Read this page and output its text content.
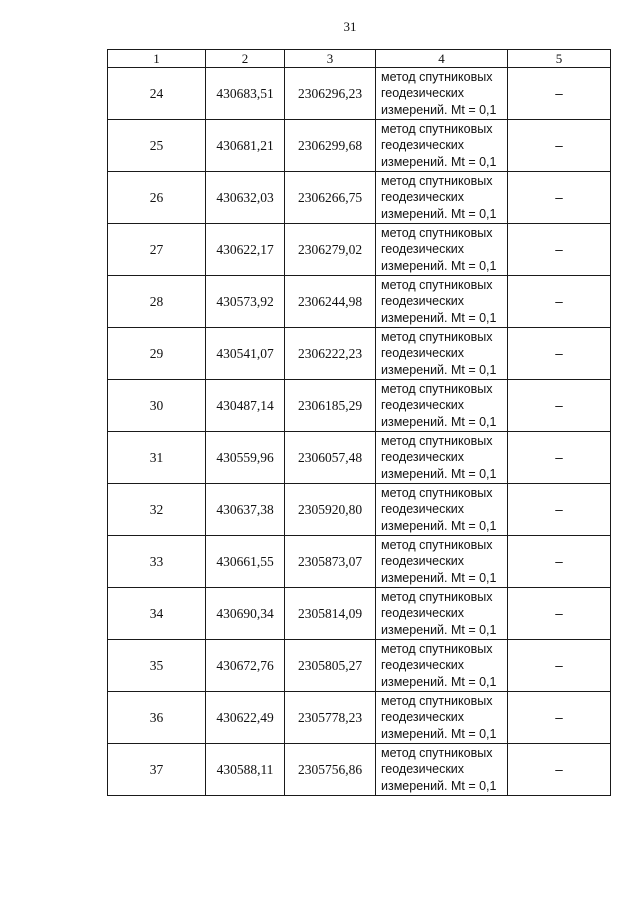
31
1	2	3	4	5
24	430683,51	2306296,23	метод спутниковых
геодезических
измерений. Mt = 0,1	–
25	430681,21	2306299,68	метод спутниковых
геодезических
измерений. Mt = 0,1	–
26	430632,03	2306266,75	метод спутниковых
геодезических
измерений. Mt = 0,1	–
27	430622,17	2306279,02	метод спутниковых
геодезических
измерений. Mt = 0,1	–
28	430573,92	2306244,98	метод спутниковых
геодезических
измерений. Mt = 0,1	–
29	430541,07	2306222,23	метод спутниковых
геодезических
измерений. Mt = 0,1	–
30	430487,14	2306185,29	метод спутниковых
геодезических
измерений. Mt = 0,1	–
31	430559,96	2306057,48	метод спутниковых
геодезических
измерений. Mt = 0,1	–
32	430637,38	2305920,80	метод спутниковых
геодезических
измерений. Mt = 0,1	–
33	430661,55	2305873,07	метод спутниковых
геодезических
измерений. Mt = 0,1	–
34	430690,34	2305814,09	метод спутниковых
геодезических
измерений. Mt = 0,1	–
35	430672,76	2305805,27	метод спутниковых
геодезических
измерений. Mt = 0,1	–
36	430622,49	2305778,23	метод спутниковых
геодезических
измерений. Mt = 0,1	–
37	430588,11	2305756,86	метод спутниковых
геодезических
измерений. Mt = 0,1	–
